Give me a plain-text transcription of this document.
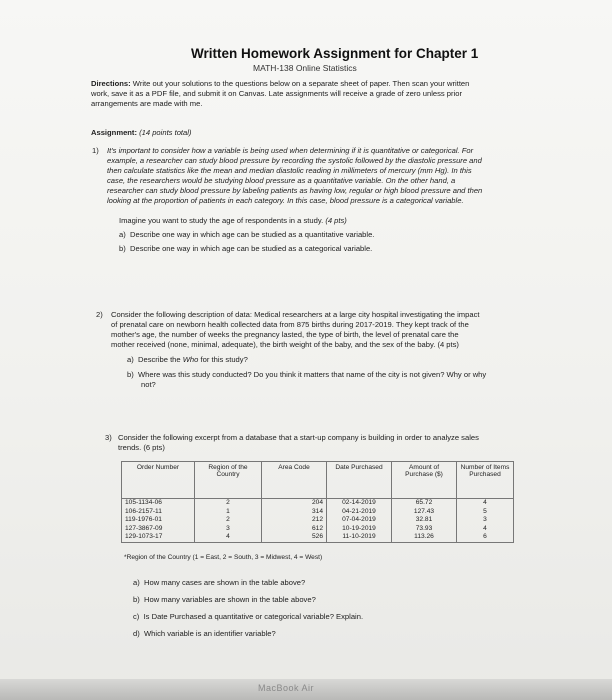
Written Homework Assignment for Chapter 1
MATH-138 Online Statistics
Directions: Write out your solutions to the questions below on a separate sheet of paper. Then scan your written
work, save it as a PDF file, and submit it on Canvas. Late assignments will receive a grade of zero unless prior
arrangements are made with me.
Assignment: (14 points total)
1) It's important to consider how a variable is being used when determining if it is quantitative or categorical. For
example, a researcher can study blood pressure by recording the systolic followed by the diastolic pressure and
then calculate statistics like the mean and median diastolic reading in millimeters of mercury (mm Hg). In this
case, the researchers would be studying blood pressure as a quantitative variable. On the other hand, a
researcher can study blood pressure by labeling patients as having low, regular or high blood pressure and then
looking at the proportion of patients in each category. In this case, blood pressure is a categorical variable.
Imagine you want to study the age of respondents in a study. (4 pts)
a) Describe one way in which age can be studied as a quantitative variable.
b) Describe one way in which age can be studied as a categorical variable.
2) Consider the following description of data: Medical researchers at a large city hospital investigating the impact
of prenatal care on newborn health collected data from 875 births during 2017-2019. They kept track of the
mother's age, the number of weeks the pregnancy lasted, the type of birth, the level of prenatal care the
mother received (none, minimal, adequate), the birth weight of the baby, and the sex of the baby. (4 pts)
a) Describe the Who for this study?
b) Where was this study conducted? Do you think it matters that name of the city is not given? Why or why
not?
3) Consider the following excerpt from a database that a start-up company is building in order to analyze sales
trends. (6 pts)
Order Number	Region of the Country	Area Code	Date Purchased	Amount of Purchase ($)	Number of Items Purchased
105-1134-06	2	204	02-14-2019	65.72	4
106-2157-11	1	314	04-21-2019	127.43	5
119-1976-01	2	212	07-04-2019	32.81	3
127-3867-09	3	612	10-19-2019	73.93	4
129-1073-17	4	526	11-10-2019	113.26	6
*Region of the Country (1 = East, 2 = South, 3 = Midwest, 4 = West)
a) How many cases are shown in the table above?
b) How many variables are shown in the table above?
c) Is Date Purchased a quantitative or categorical variable? Explain.
d) Which variable is an identifier variable?
MacBook Air
